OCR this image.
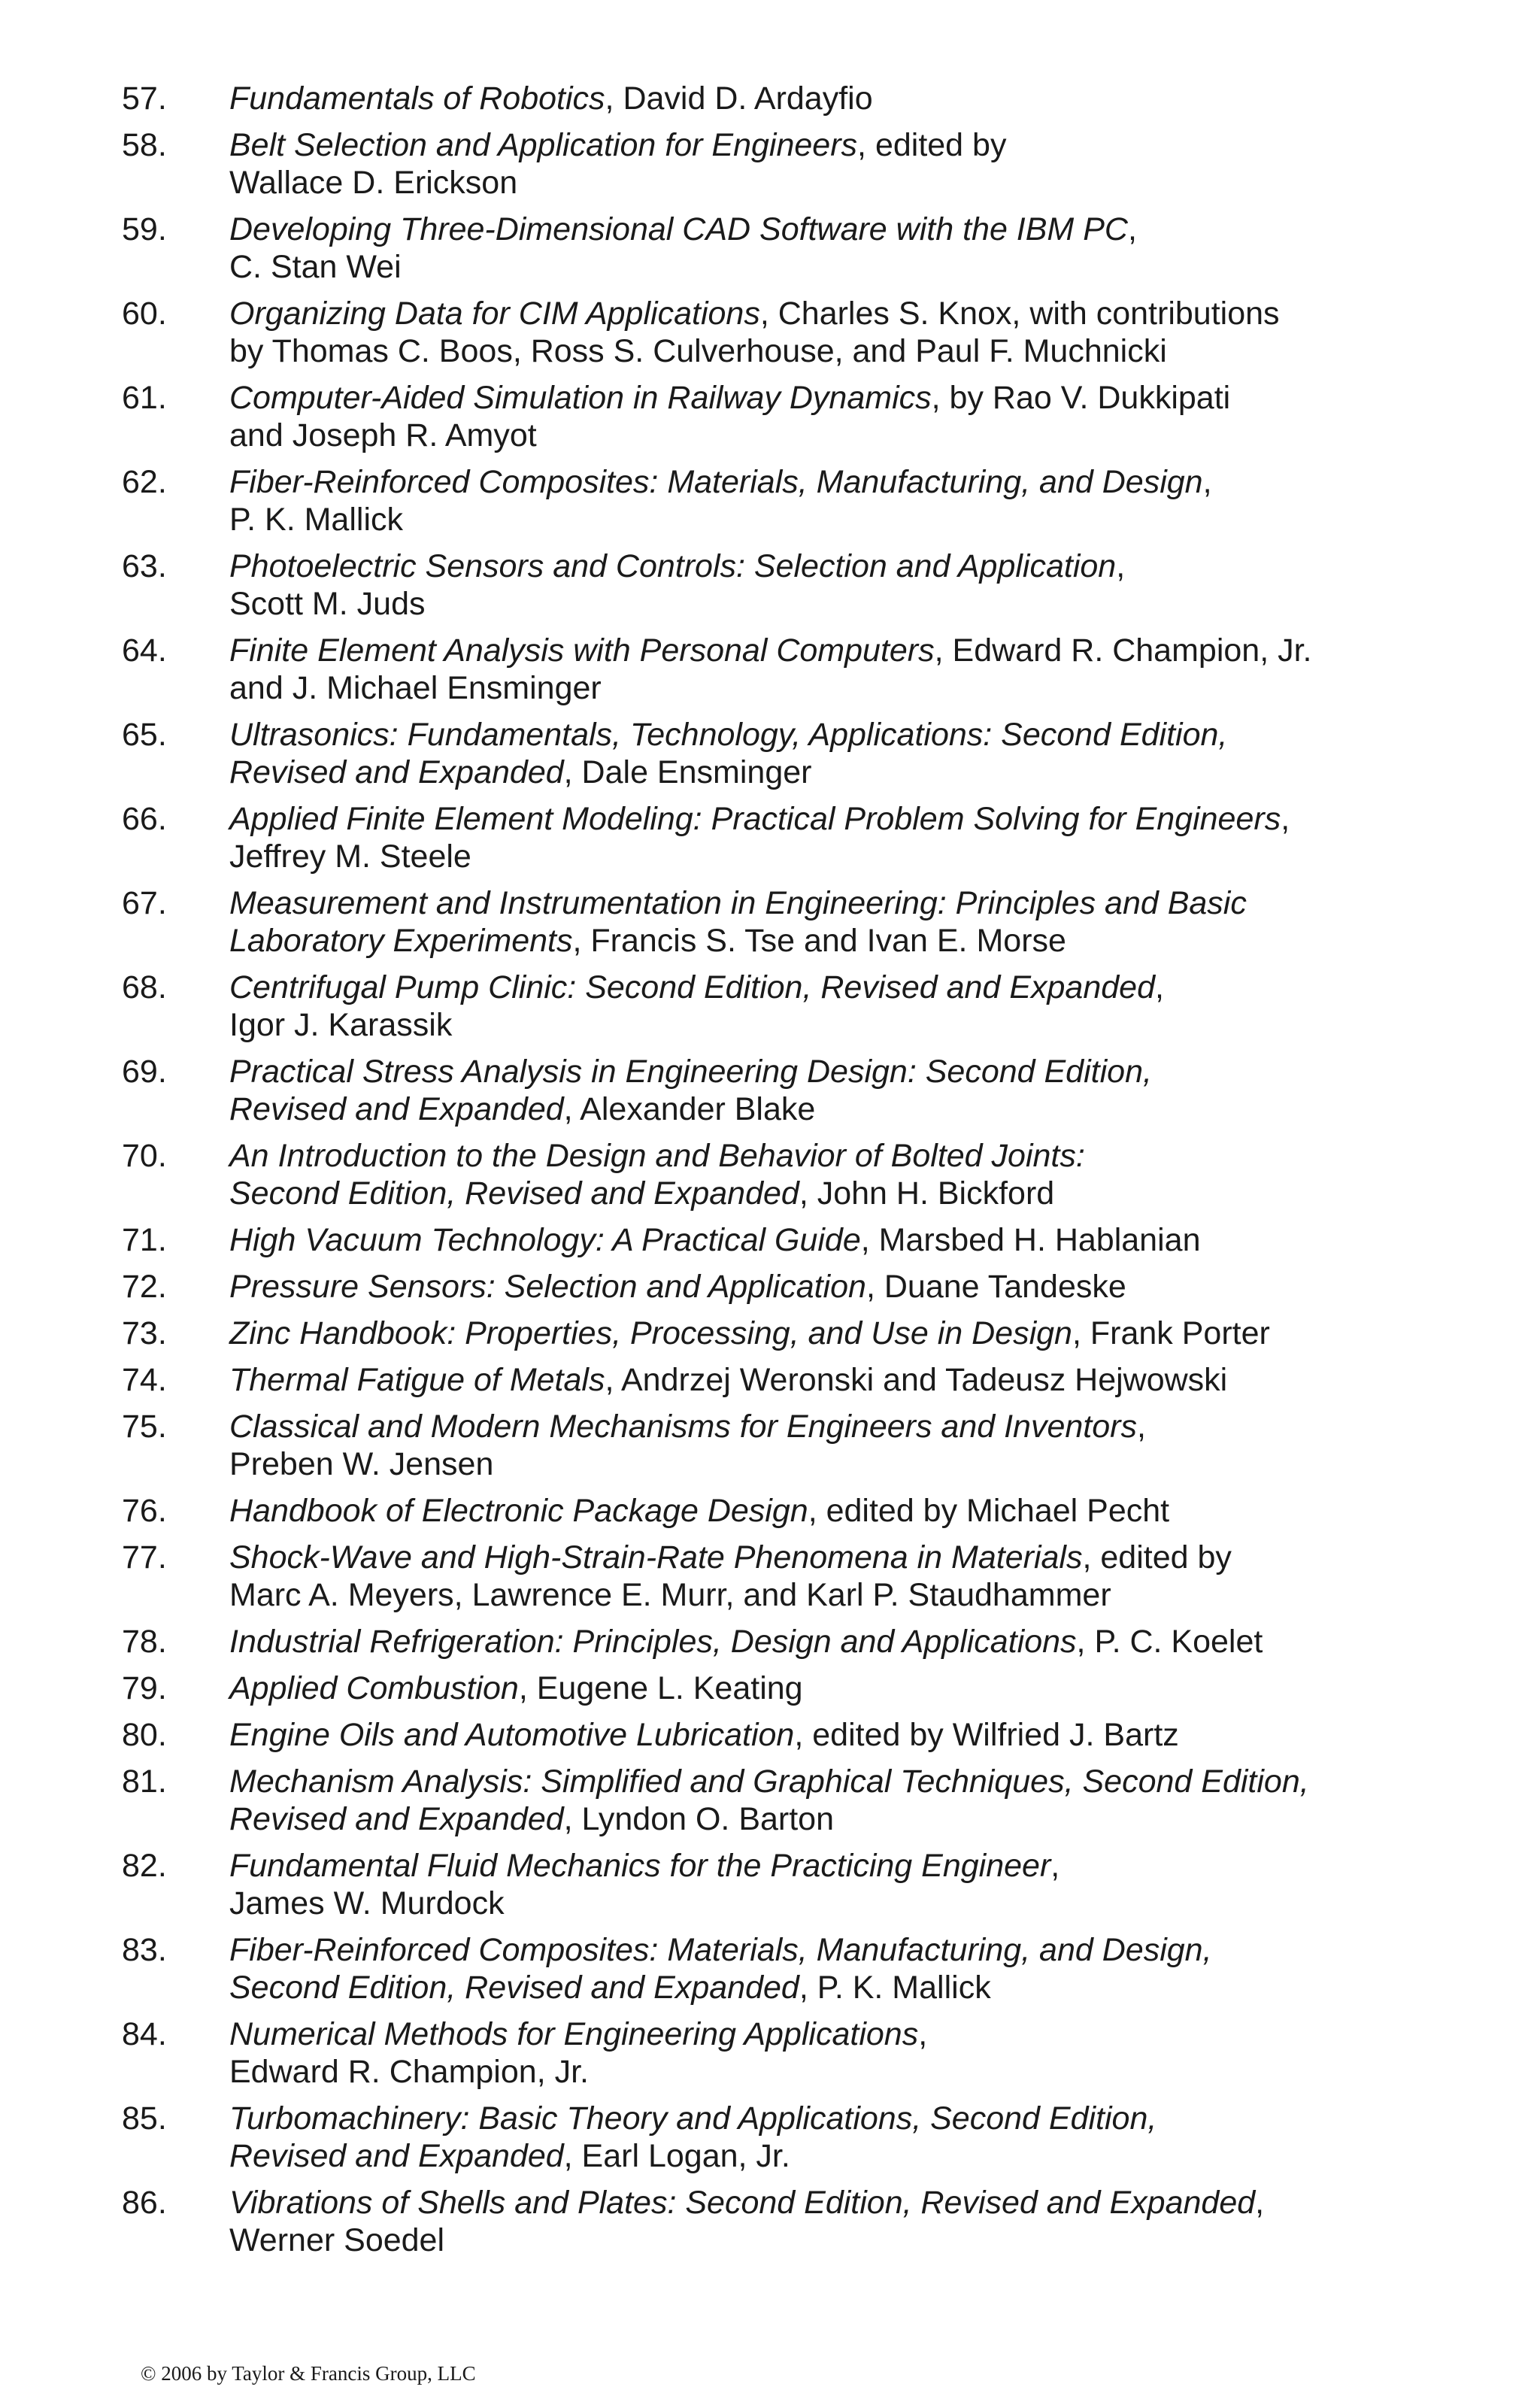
57. Fundamentals of Robotics, David D. Ardayfio
58. Belt Selection and Application for Engineers, edited by
Wallace D. Erickson
59. Developing Three-Dimensional CAD Software with the IBM PC,
C. Stan Wei
60. Organizing Data for CIM Applications, Charles S. Knox, with contributions
by Thomas C. Boos, Ross S. Culverhouse, and Paul F. Muchnicki
61. Computer-Aided Simulation in Railway Dynamics, by Rao V. Dukkipati
and Joseph R. Amyot
62. Fiber-Reinforced Composites: Materials, Manufacturing, and Design,
P. K. Mallick
63. Photoelectric Sensors and Controls: Selection and Application,
Scott M. Juds
64. Finite Element Analysis with Personal Computers, Edward R. Champion, Jr.
and J. Michael Ensminger
65. Ultrasonics: Fundamentals, Technology, Applications: Second Edition,
Revised and Expanded, Dale Ensminger
66. Applied Finite Element Modeling: Practical Problem Solving for Engineers,
Jeffrey M. Steele
67. Measurement and Instrumentation in Engineering: Principles and Basic
Laboratory Experiments, Francis S. Tse and Ivan E. Morse
68. Centrifugal Pump Clinic: Second Edition, Revised and Expanded,
Igor J. Karassik
69. Practical Stress Analysis in Engineering Design: Second Edition,
Revised and Expanded, Alexander Blake
70. An Introduction to the Design and Behavior of Bolted Joints:
Second Edition, Revised and Expanded, John H. Bickford
71. High Vacuum Technology: A Practical Guide, Marsbed H. Hablanian
72. Pressure Sensors: Selection and Application, Duane Tandeske
73. Zinc Handbook: Properties, Processing, and Use in Design, Frank Porter
74. Thermal Fatigue of Metals, Andrzej Weronski and Tadeusz Hejwowski
75. Classical and Modern Mechanisms for Engineers and Inventors,
Preben W. Jensen
76. Handbook of Electronic Package Design, edited by Michael Pecht
77. Shock-Wave and High-Strain-Rate Phenomena in Materials, edited by
Marc A. Meyers, Lawrence E. Murr, and Karl P. Staudhammer
78. Industrial Refrigeration: Principles, Design and Applications, P. C. Koelet
79. Applied Combustion, Eugene L. Keating
80. Engine Oils and Automotive Lubrication, edited by Wilfried J. Bartz
81. Mechanism Analysis: Simplified and Graphical Techniques, Second Edition,
Revised and Expanded, Lyndon O. Barton
82. Fundamental Fluid Mechanics for the Practicing Engineer,
James W. Murdock
83. Fiber-Reinforced Composites: Materials, Manufacturing, and Design,
Second Edition, Revised and Expanded, P. K. Mallick
84. Numerical Methods for Engineering Applications,
Edward R. Champion, Jr.
85. Turbomachinery: Basic Theory and Applications, Second Edition,
Revised and Expanded, Earl Logan, Jr.
86. Vibrations of Shells and Plates: Second Edition, Revised and Expanded,
Werner Soedel
© 2006 by Taylor & Francis Group, LLC
